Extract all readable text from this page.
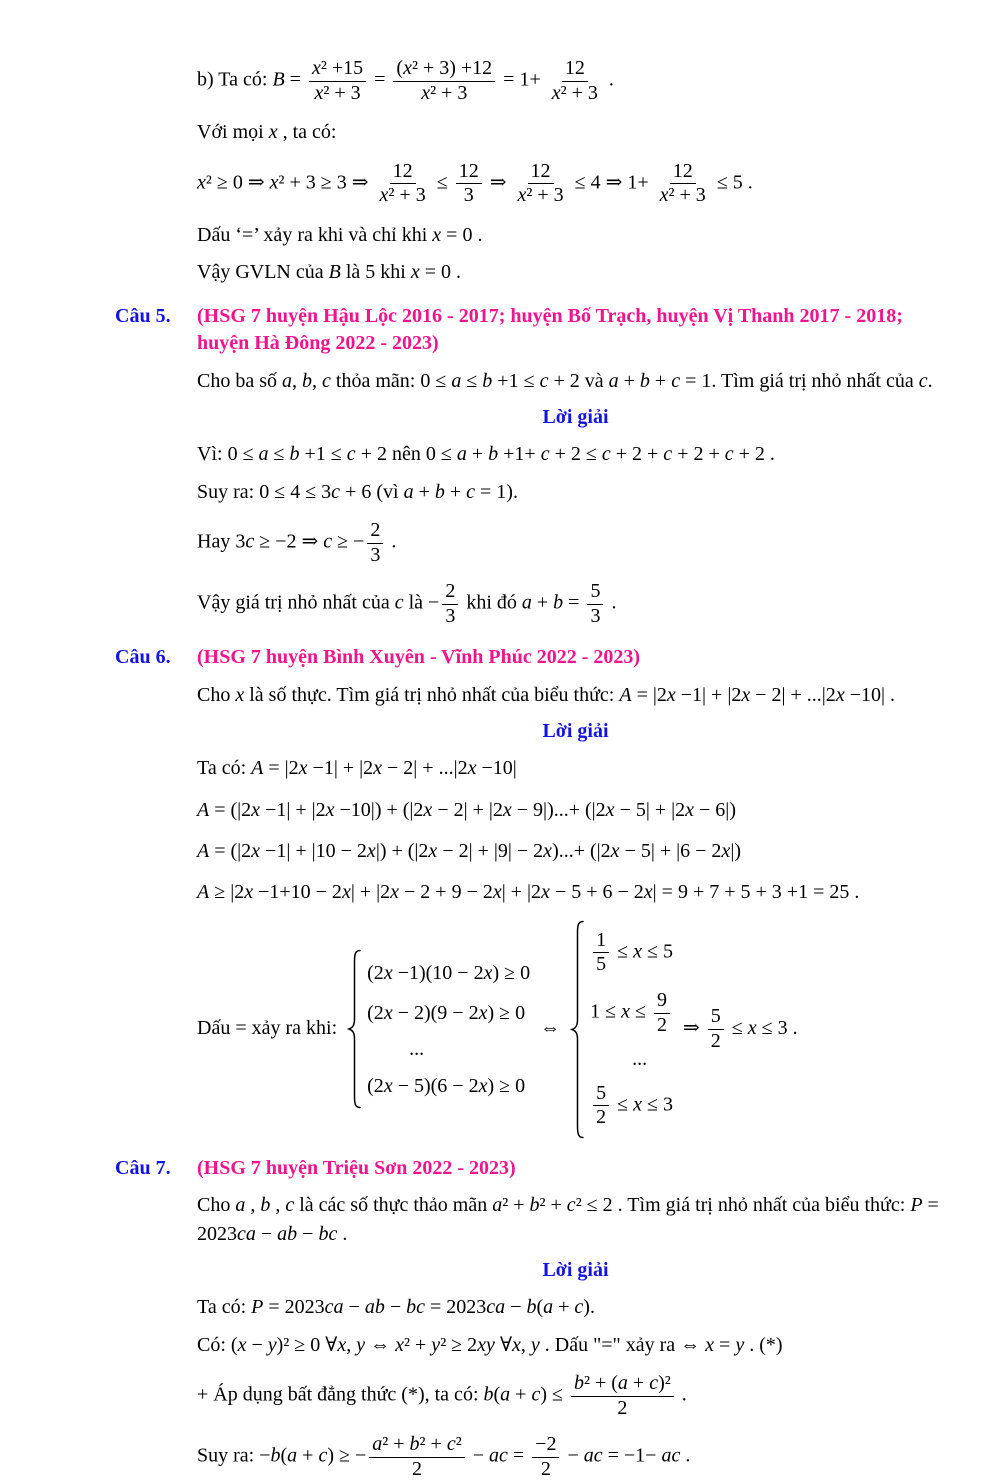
b) Ta có: $B = \frac{\text{x² +15}}{\text{x² + 3}} = \frac{\text{(x² + 3) +12}}{\text{x² + 3}} = 1+ \frac{12}{\text{x² + 3}}$ .
Với mọi x , ta có:
x² ≥ 0 ⇒ x² + 3 ≥ 3 ⇒ $\frac{12}{\text{x² + 3}} \le \frac{12}{3}$ ⇒ $\frac{12}{\text{x² + 3}} \le 4$ ⇒ $1+ \frac{12}{\text{x² + 3}} \le 5$ .
Dấu ‘=’ xảy ra khi và chỉ khi x = 0 .
Vậy GVLN của B là 5 khi x = 0 .
Câu 5.	(HSG 7 huyện Hậu Lộc 2016 - 2017; huyện Bố Trạch, huyện Vị Thanh 2017 - 2018; huyện Hà Đông 2022 - 2023)
Cho ba số a, b, c thỏa mãn: 0 ≤ a ≤ b +1 ≤ c + 2 và a + b + c = 1. Tìm giá trị nhỏ nhất của c.
Lời giải
Vì: 0 ≤ a ≤ b +1 ≤ c + 2 nên 0 ≤ a + b +1+ c + 2 ≤ c + 2 + c + 2 + c + 2 .
Suy ra: 0 ≤ 4 ≤ 3c + 6 (vì a + b + c = 1).
Hay 3c ≥ −2 ⇒ c ≥ − $\frac{2}{3}$ .
Vậy giá trị nhỏ nhất của c là − $\frac{2}{3}$ khi đó $a + b = \frac{5}{3}$ .
Câu 6.	(HSG 7 huyện Bình Xuyên - Vĩnh Phúc 2022 - 2023)
Cho x là số thực. Tìm giá trị nhỏ nhất của biểu thức: A = |2x −1| + |2x − 2| + ...|2x −10| .
Lời giải
Ta có: A = |2x −1| + |2x − 2| + ...|2x −10|
A = (|2x −1| + |2x −10|) + (|2x − 2| + |2x − 9|)...+ (|2x − 5| + |2x − 6|)
A = (|2x −1| + |10 − 2x|) + (|2x − 2| + |9| − 2x)...+ (|2x − 5| + |6 − 2x|)
A ≥ |2x −1+10 − 2x| + |2x − 2 + 9 − 2x| + |2x − 5 + 6 − 2x| = 9 + 7 + 5 + 3 +1 = 25 .
Dấu = xảy ra khi:
(2x −1)(10 − 2x) ≥ 0
(2x − 2)(9 − 2x) ≥ 0
...
(2x − 5)(6 − 2x) ≥ 0
⇔
$\frac{1}{5} \le x \le 5$
$1 \le x \le \frac{9}{2}$
...
$\frac{5}{2} \le x \le 3$
⇒ $\frac{5}{2} \le x \le 3$ .
Câu 7.	(HSG 7 huyện Triệu Sơn 2022 - 2023)
Cho a , b , c là các số thực thảo mãn a² + b² + c² ≤ 2 . Tìm giá trị nhỏ nhất của biểu thức: P = 2023ca − ab − bc .
Lời giải
Ta có: P = 2023ca − ab − bc = 2023ca − b(a + c).
Có: (x − y)² ≥ 0 ∀x, y ⇔ x² + y² ≥ 2xy ∀x, y . Dấu "=" xảy ra ⇔ x = y . (*)
+ Áp dụng bất đẳng thức (*), ta có: $b(a + c) \le \frac{\text{b² + (a + c)²}}{2}$ .
Suy ra: −b(a + c) ≥ − $\frac{\text{a² + b² + c²}}{2}$ − ac = $\frac{-2}{2}$ − ac = −1− ac .
